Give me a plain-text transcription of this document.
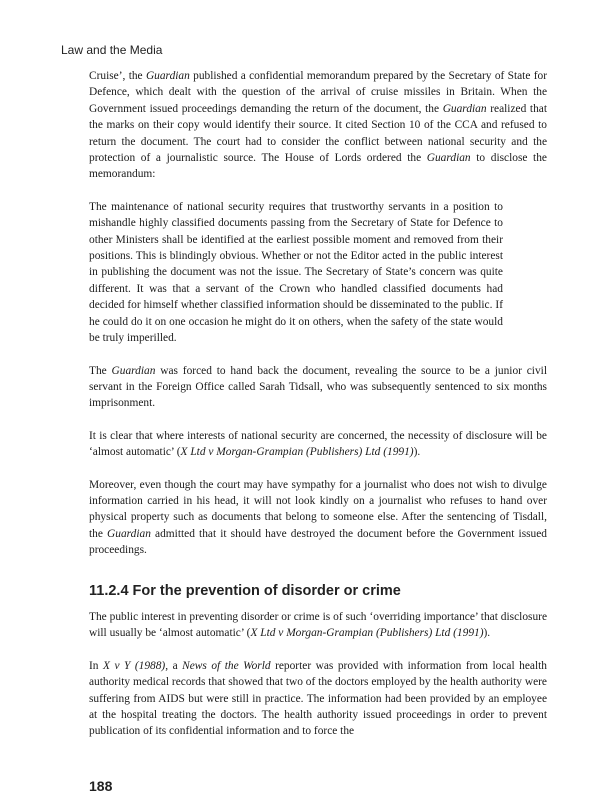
Law and the Media

Cruise’, the Guardian published a confidential memorandum prepared by the Secretary of State for Defence, which dealt with the question of the arrival of cruise missiles in Britain. When the Government issued proceedings demanding the return of the document, the Guardian realized that the marks on their copy would identify their source. It cited Section 10 of the CCA and refused to return the document. The court had to consider the conflict between national security and the protection of a journalistic source. The House of Lords ordered the Guardian to disclose the memorandum:

The maintenance of national security requires that trustworthy servants in a position to mishandle highly classified documents passing from the Secretary of State for Defence to other Ministers shall be identified at the earliest possible moment and removed from their positions. This is blindingly obvious. Whether or not the Editor acted in the public interest in publishing the document was not the issue. The Secretary of State’s concern was quite different. It was that a servant of the Crown who handled classified documents had decided for himself whether classified information should be disseminated to the public. If he could do it on one occasion he might do it on others, when the safety of the state would be truly imperilled.

The Guardian was forced to hand back the document, revealing the source to be a junior civil servant in the Foreign Office called Sarah Tidsall, who was subsequently sentenced to six months imprisonment.

It is clear that where interests of national security are concerned, the necessity of disclosure will be ‘almost automatic’ (X Ltd v Morgan-Grampian (Publishers) Ltd (1991)).

Moreover, even though the court may have sympathy for a journalist who does not wish to divulge information carried in his head, it will not look kindly on a journalist who refuses to hand over physical property such as documents that belong to someone else. After the sentencing of Tisdall, the Guardian admitted that it should have destroyed the document before the Government issued proceedings.

11.2.4 For the prevention of disorder or crime

The public interest in preventing disorder or crime is of such ‘overriding importance’ that disclosure will usually be ‘almost automatic’ (X Ltd v Morgan-Grampian (Publishers) Ltd (1991)).

In X v Y (1988), a News of the World reporter was provided with information from local health authority medical records that showed that two of the doctors employed by the health authority were suffering from AIDS but were still in practice. The information had been provided by an employee at the hospital treating the doctors. The health authority issued proceedings in order to prevent publication of its confidential information and to force the

188
